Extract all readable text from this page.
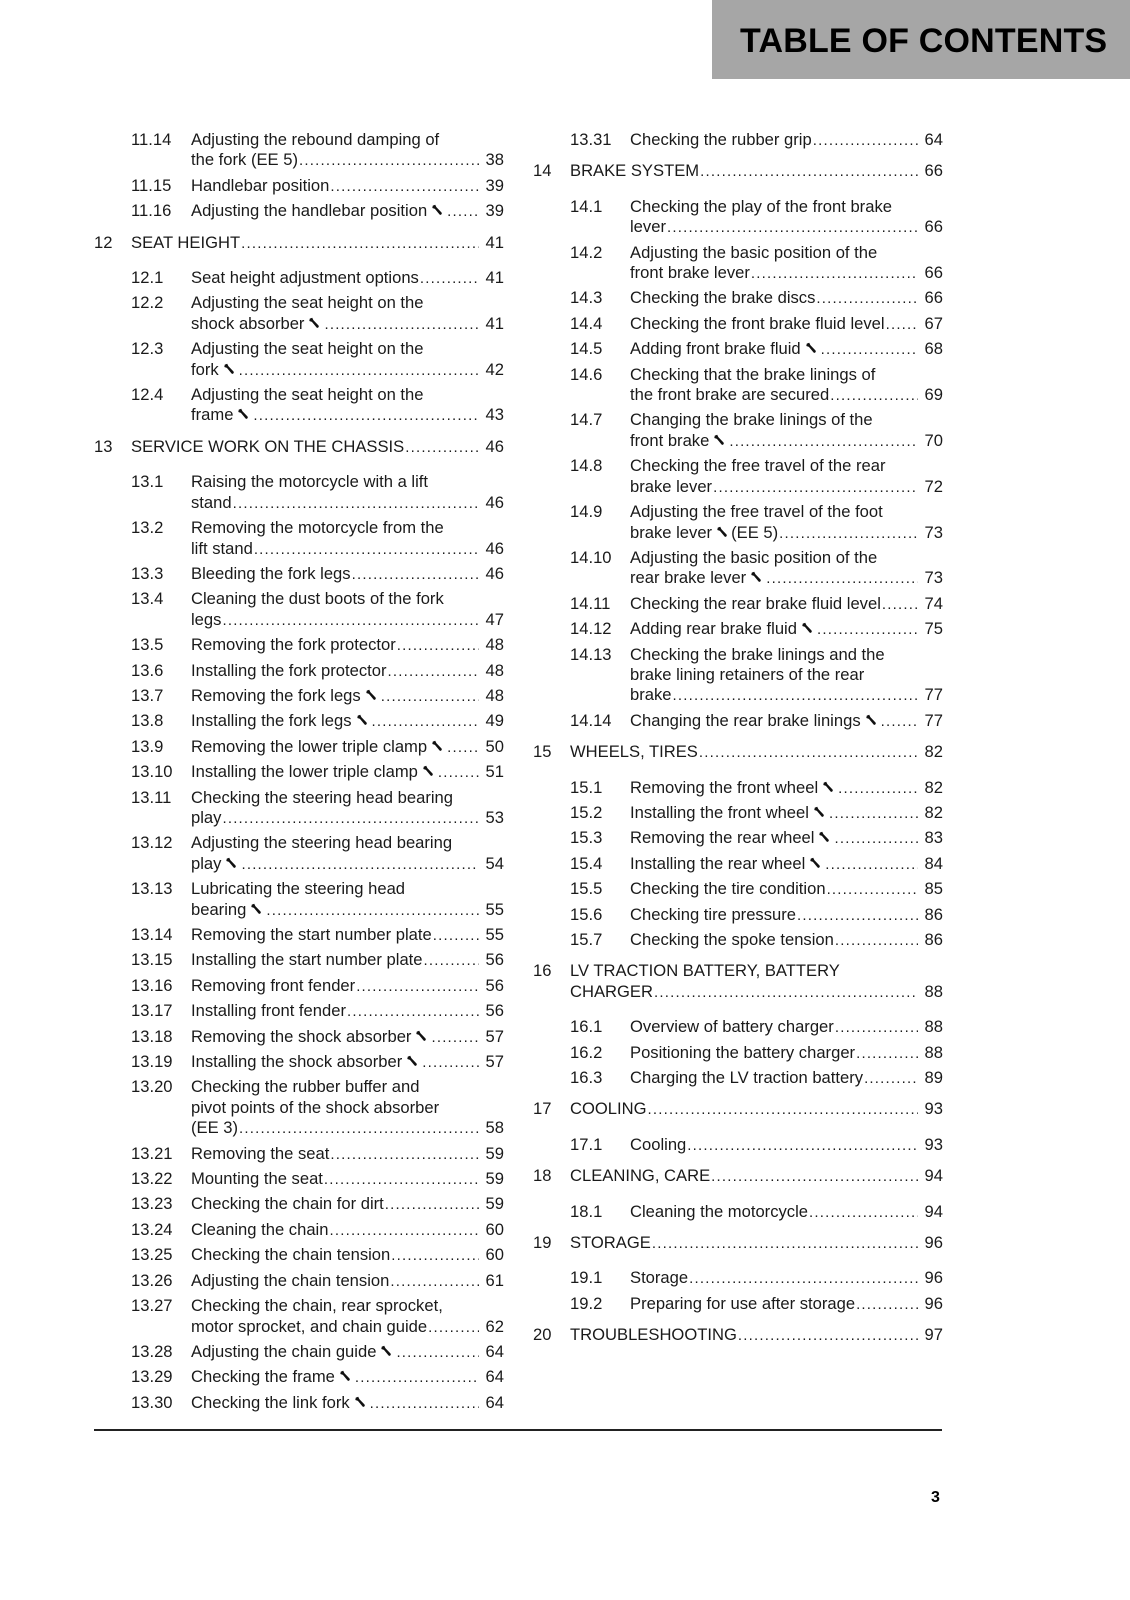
TABLE OF CONTENTS
11.14 Adjusting the rebound damping of
the fork (EE 5) .....	38
11.15 Handlebar position .....	39
11.16 Adjusting the handlebar position .....	39
12 SEAT HEIGHT .....	41
12.1 Seat height adjustment options .....	41
12.2 Adjusting the seat height on the
shock absorber .....	41
12.3 Adjusting the seat height on the
fork .....	42
12.4 Adjusting the seat height on the
frame .....	43
13 SERVICE WORK ON THE CHASSIS .....	46
13.1 Raising the motorcycle with a lift
stand .....	46
13.2 Removing the motorcycle from the
lift stand .....	46
13.3 Bleeding the fork legs .....	46
13.4 Cleaning the dust boots of the fork
legs .....	47
13.5 Removing the fork protector .....	48
13.6 Installing the fork protector .....	48
13.7 Removing the fork legs .....	48
13.8 Installing the fork legs .....	49
13.9 Removing the lower triple clamp .....	50
13.10 Installing the lower triple clamp .....	51
13.11 Checking the steering head bearing
play .....	53
13.12 Adjusting the steering head bearing
play .....	54
13.13 Lubricating the steering head
bearing .....	55
13.14 Removing the start number plate .....	55
13.15 Installing the start number plate .....	56
13.16 Removing front fender .....	56
13.17 Installing front fender .....	56
13.18 Removing the shock absorber .....	57
13.19 Installing the shock absorber .....	57
13.20 Checking the rubber buffer and
pivot points of the shock absorber
(EE 3) .....	58
13.21 Removing the seat .....	59
13.22 Mounting the seat .....	59
13.23 Checking the chain for dirt .....	59
13.24 Cleaning the chain .....	60
13.25 Checking the chain tension .....	60
13.26 Adjusting the chain tension .....	61
13.27 Checking the chain, rear sprocket,
motor sprocket, and chain guide .....	62
13.28 Adjusting the chain guide .....	64
13.29 Checking the frame .....	64
13.30 Checking the link fork .....	64
13.31 Checking the rubber grip .....	64
14 BRAKE SYSTEM .....	66
14.1 Checking the play of the front brake
lever .....	66
14.2 Adjusting the basic position of the
front brake lever .....	66
14.3 Checking the brake discs .....	66
14.4 Checking the front brake fluid level ..... 67
14.5 Adding front brake fluid .....	68
14.6 Checking that the brake linings of
the front brake are secured .....	69
14.7 Changing the brake linings of the
front brake .....	70
14.8 Checking the free travel of the rear
brake lever .....	72
14.9 Adjusting the free travel of the foot
brake lever (EE 5) .....	73
14.10 Adjusting the basic position of the
rear brake lever .....	73
14.11 Checking the rear brake fluid level .....	74
14.12 Adding rear brake fluid .....	75
14.13 Checking the brake linings and the
brake lining retainers of the rear
brake .....	77
14.14 Changing the rear brake linings .....	77
15 WHEELS, TIRES .....	82
15.1 Removing the front wheel .....	82
15.2 Installing the front wheel .....	82
15.3 Removing the rear wheel .....	83
15.4 Installing the rear wheel .....	84
15.5 Checking the tire condition .....	85
15.6 Checking tire pressure .....	86
15.7 Checking the spoke tension .....	86
16 LV TRACTION BATTERY, BATTERY
CHARGER .....	88
16.1 Overview of battery charger .....	88
16.2 Positioning the battery charger .....	88
16.3 Charging the LV traction battery .....	89
17 COOLING .....	93
17.1 Cooling .....	93
18 CLEANING, CARE .....	94
18.1 Cleaning the motorcycle .....	94
19 STORAGE .....	96
19.1 Storage .....	96
19.2 Preparing for use after storage .....	96
20 TROUBLESHOOTING .....	97
3
